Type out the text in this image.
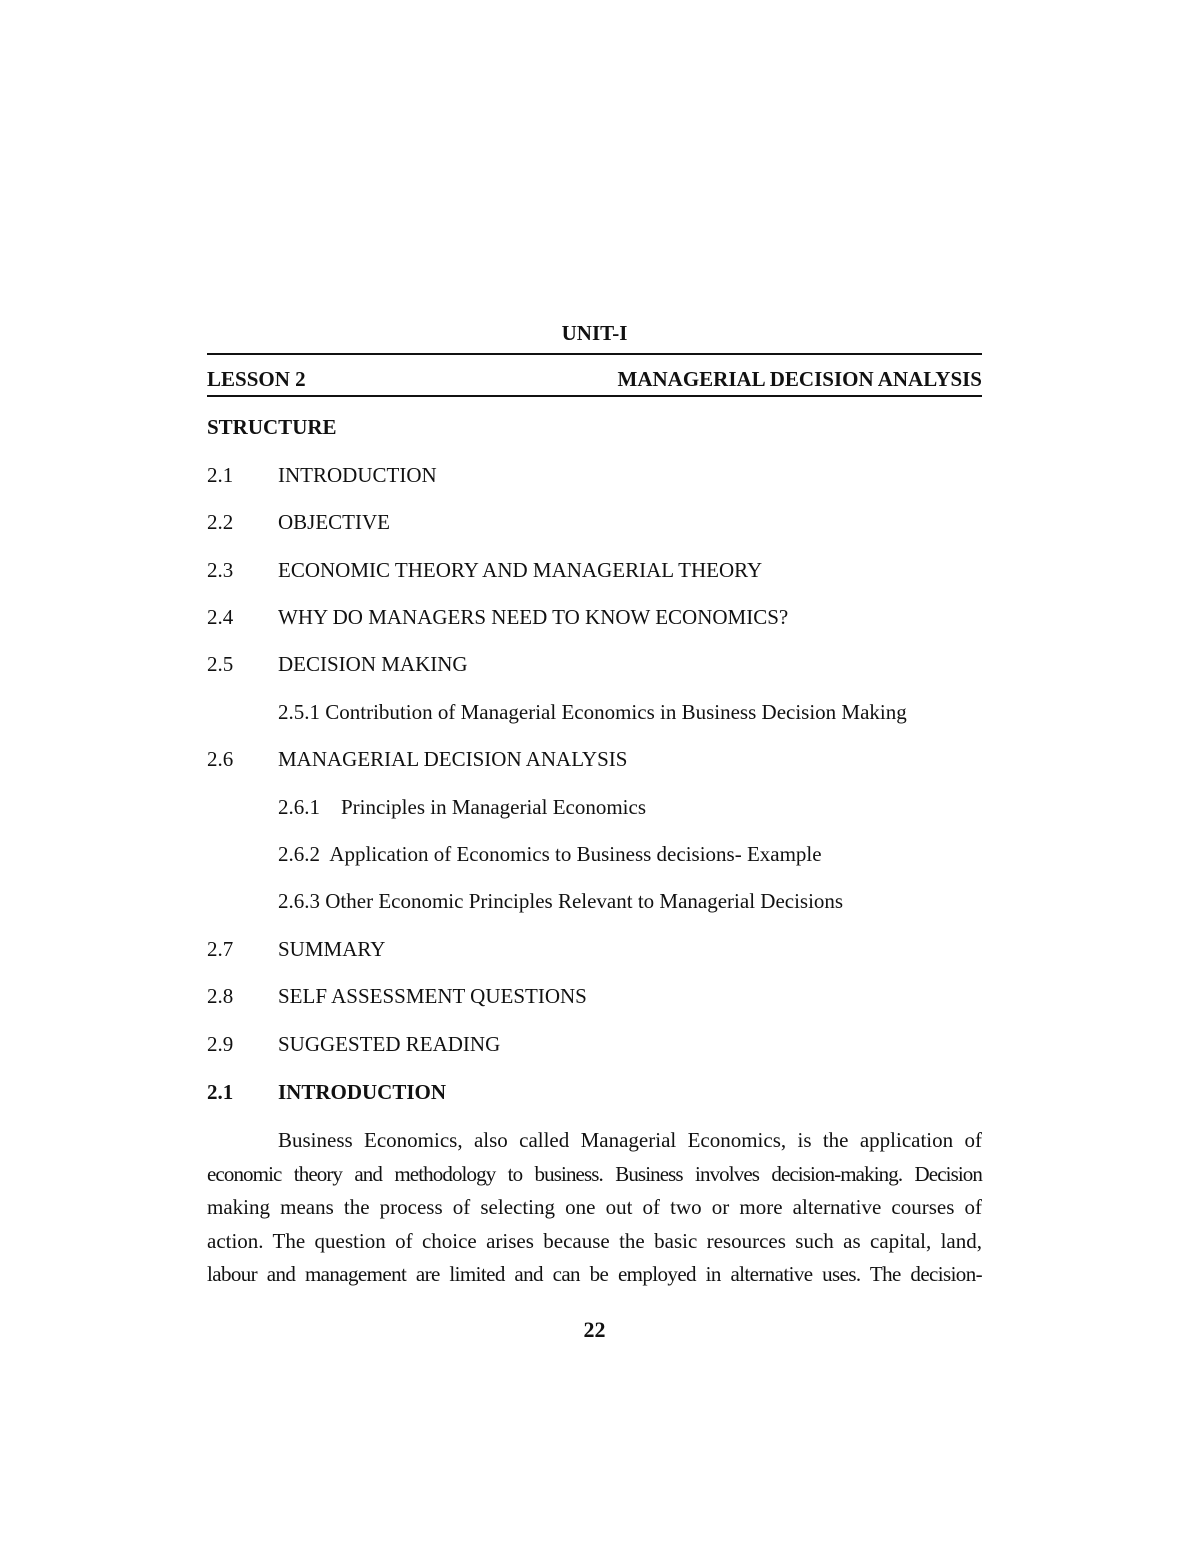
UNIT-I
LESSON 2	MANAGERIAL DECISION ANALYSIS
STRUCTURE
2.1 INTRODUCTION
2.2 OBJECTIVE
2.3 ECONOMIC THEORY AND MANAGERIAL THEORY
2.4 WHY DO MANAGERS NEED TO KNOW ECONOMICS?
2.5 DECISION MAKING
2.5.1 Contribution of Managerial Economics in Business Decision Making
2.6 MANAGERIAL DECISION ANALYSIS
2.6.1    Principles in Managerial Economics
2.6.2  Application of Economics to Business decisions- Example
2.6.3 Other Economic Principles Relevant to Managerial Decisions
2.7 SUMMARY
2.8 SELF ASSESSMENT QUESTIONS
2.9 SUGGESTED READING
2.1 INTRODUCTION
Business Economics, also called Managerial Economics, is the application of
economic theory and methodology to business. Business involves decision-making. Decision
making means the process of selecting one out of two or more alternative courses of
action. The question of choice arises because the basic resources such as capital, land,
labour and management are limited and can be employed in alternative uses. The decision-
22
